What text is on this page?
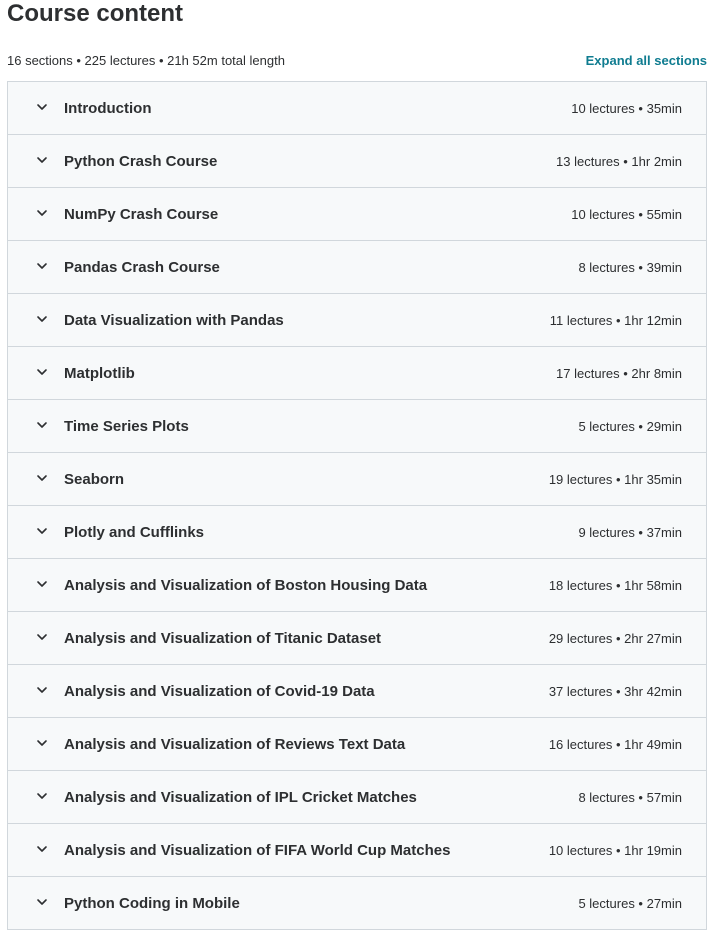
Course content
16 sections • 225 lectures • 21h 52m total length	Expand all sections
Introduction	10 lectures • 35min
Python Crash Course	13 lectures • 1hr 2min
NumPy Crash Course	10 lectures • 55min
Pandas Crash Course	8 lectures • 39min
Data Visualization with Pandas	11 lectures • 1hr 12min
Matplotlib	17 lectures • 2hr 8min
Time Series Plots	5 lectures • 29min
Seaborn	19 lectures • 1hr 35min
Plotly and Cufflinks	9 lectures • 37min
Analysis and Visualization of Boston Housing Data	18 lectures • 1hr 58min
Analysis and Visualization of Titanic Dataset	29 lectures • 2hr 27min
Analysis and Visualization of Covid-19 Data	37 lectures • 3hr 42min
Analysis and Visualization of Reviews Text Data	16 lectures • 1hr 49min
Analysis and Visualization of IPL Cricket Matches	8 lectures • 57min
Analysis and Visualization of FIFA World Cup Matches	10 lectures • 1hr 19min
Python Coding in Mobile	5 lectures • 27min
